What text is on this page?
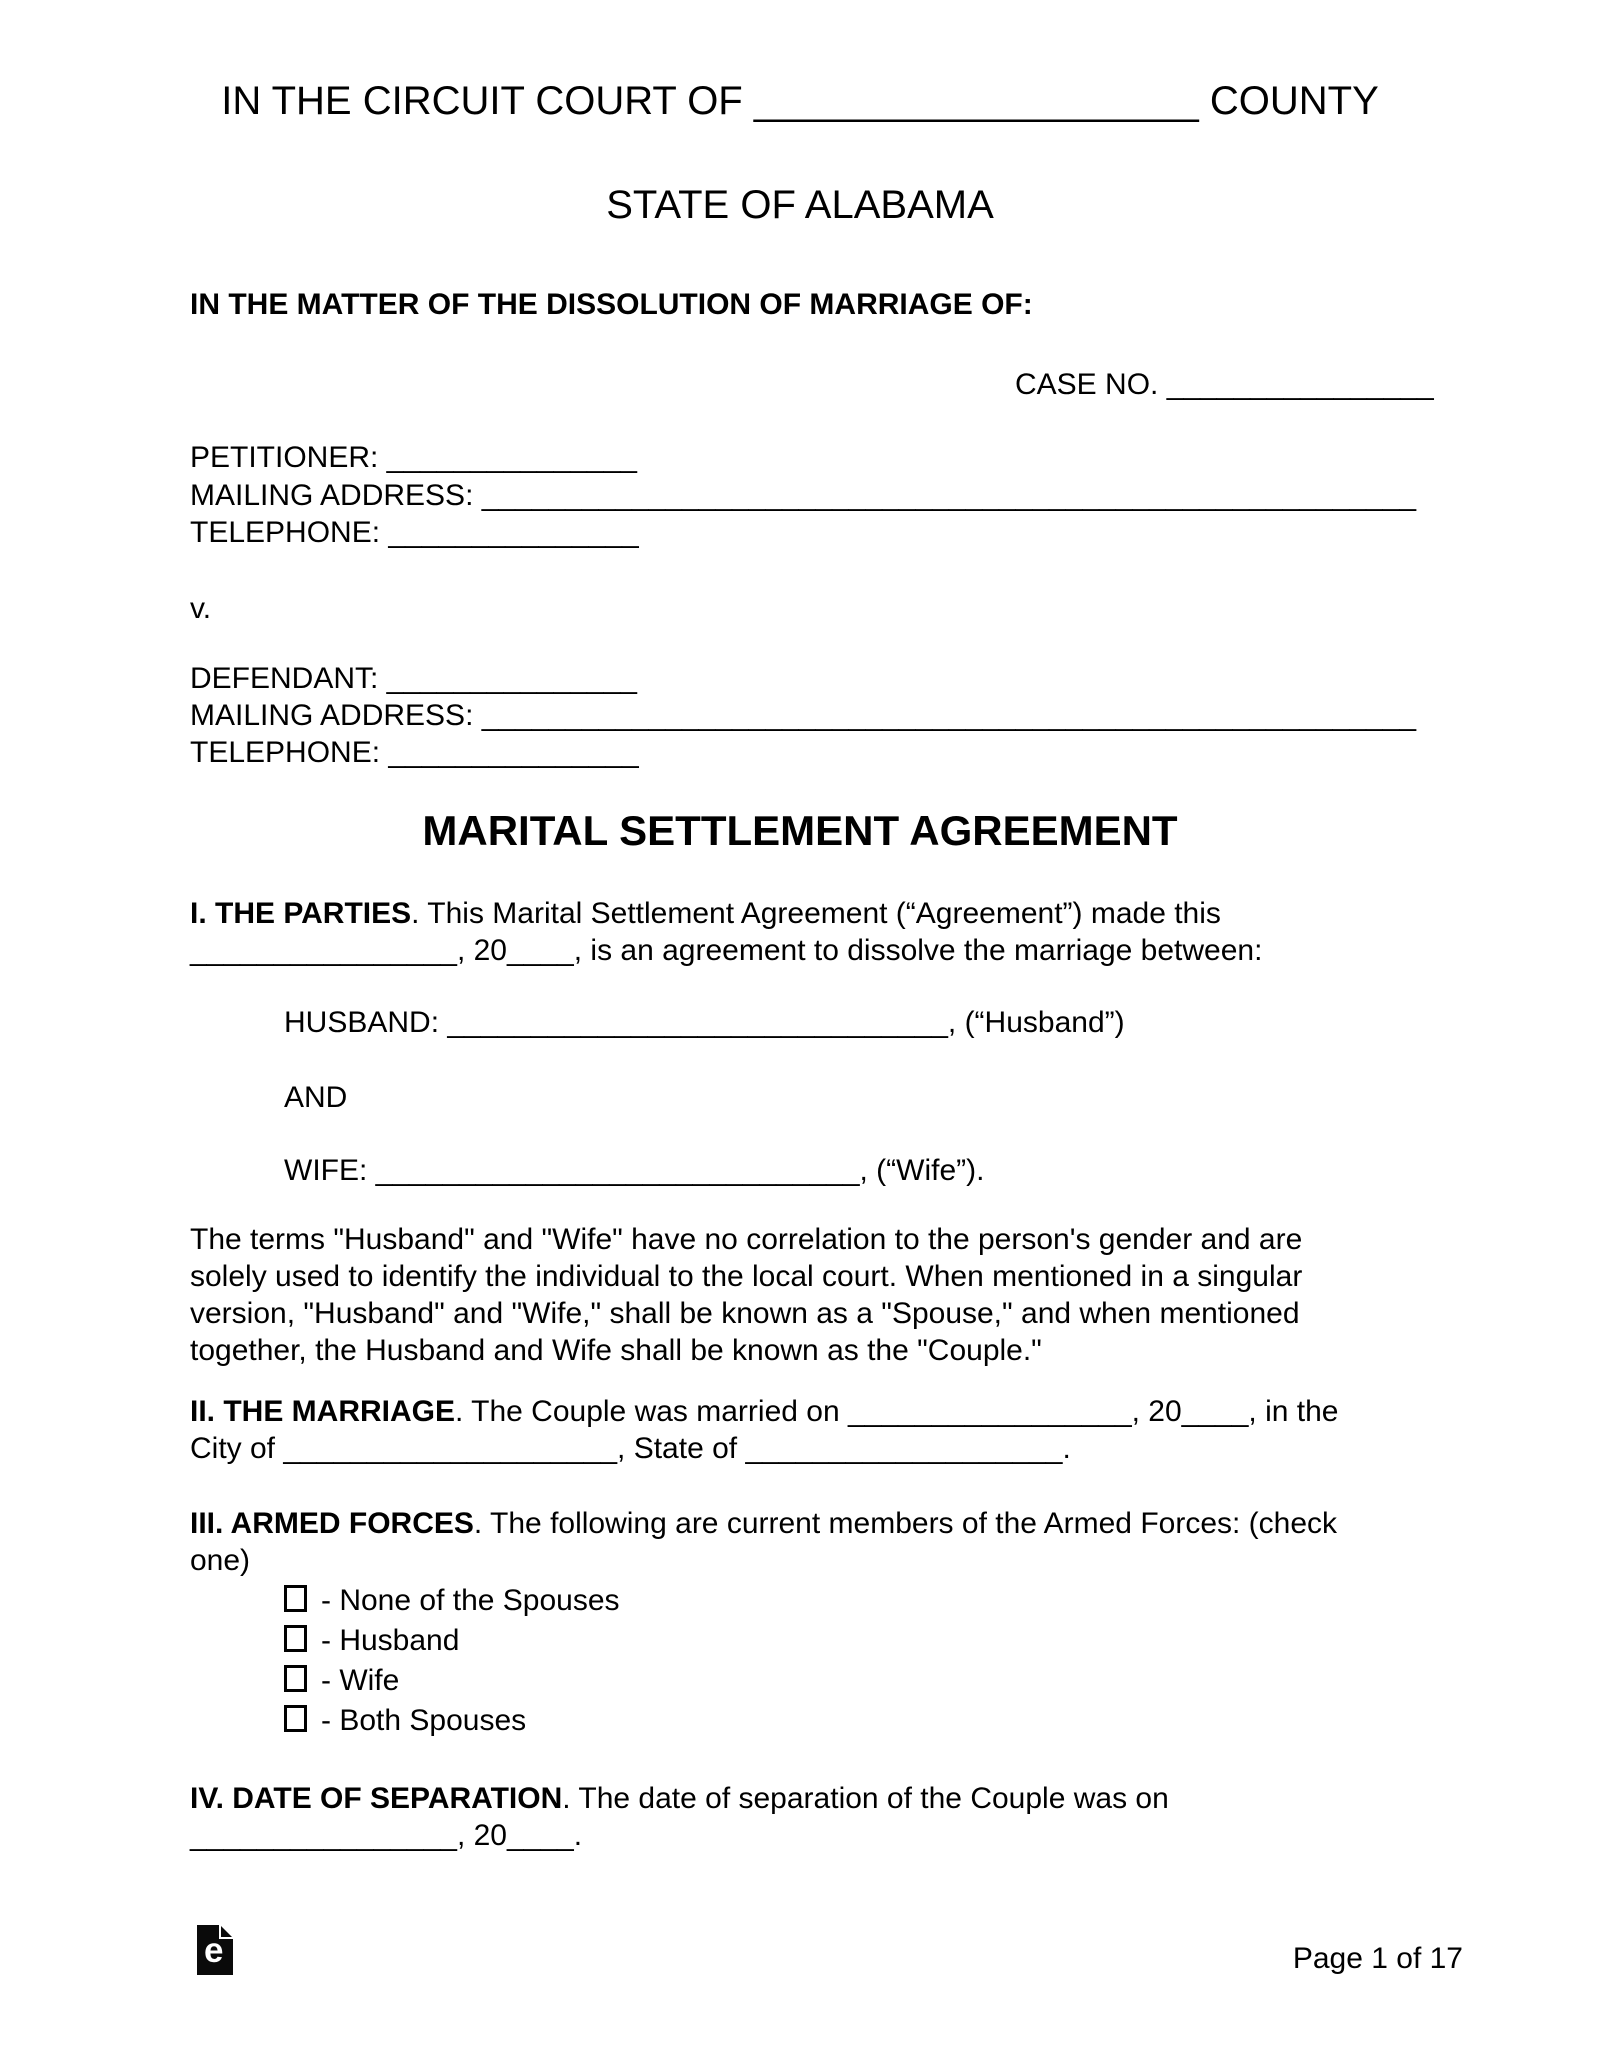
IN THE CIRCUIT COURT OF ____________________ COUNTY
STATE OF ALABAMA
IN THE MATTER OF THE DISSOLUTION OF MARRIAGE OF:
CASE NO. ________________
PETITIONER: _______________
MAILING ADDRESS: ________________________________________________________
TELEPHONE: _______________
v.
DEFENDANT: _______________
MAILING ADDRESS: ________________________________________________________
TELEPHONE: _______________
MARITAL SETTLEMENT AGREEMENT
I. THE PARTIES. This Marital Settlement Agreement (“Agreement”) made this
________________, 20____, is an agreement to dissolve the marriage between:
HUSBAND: ______________________________, (“Husband”)
AND
WIFE: _____________________________, (“Wife”).
The terms "Husband" and "Wife" have no correlation to the person's gender and are
solely used to identify the individual to the local court. When mentioned in a singular
version, "Husband" and "Wife," shall be known as a "Spouse," and when mentioned
together, the Husband and Wife shall be known as the "Couple."
II. THE MARRIAGE. The Couple was married on _________________, 20____, in the
City of ____________________, State of ___________________.
III. ARMED FORCES. The following are current members of the Armed Forces: (check
one)
- None of the Spouses
- Husband
- Wife
- Both Spouses
IV. DATE OF SEPARATION. The date of separation of the Couple was on
________________, 20____.
e	Page 1 of 17
